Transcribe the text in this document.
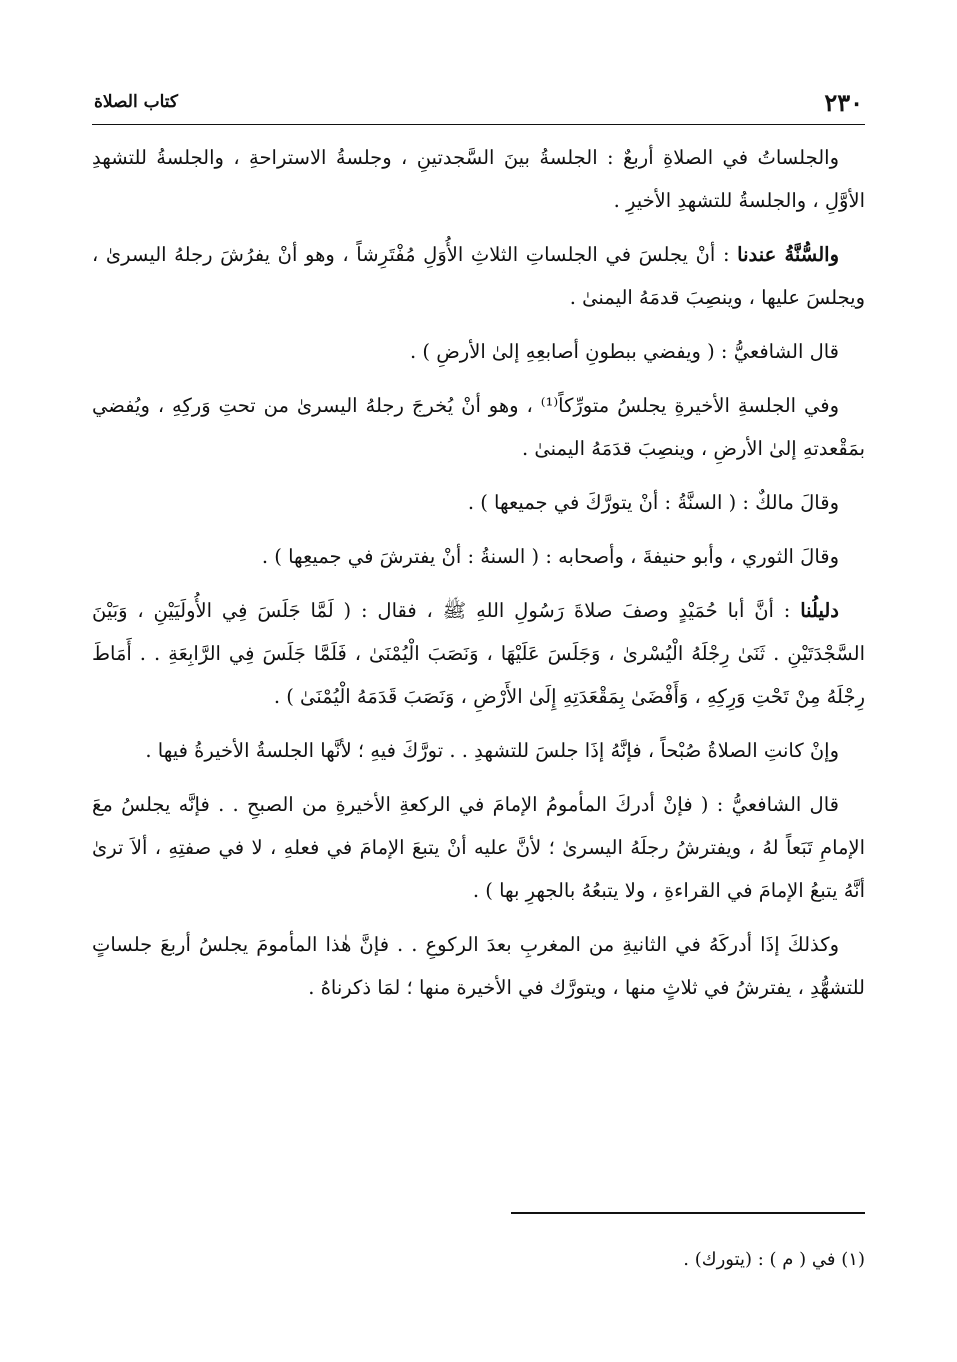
٢٣٠
كتاب الصلاة

والجلساتُ في الصلاةِ أربعٌ : الجلسةُ بينَ السَّجدتينِ ، وجلسةُ الاستراحةِ ، والجلسةُ للتشهدِ الأوَّلِ ، والجلسةُ للتشهدِ الأخيرِ .

والسُّنَّةُ عندنا : أنْ يجلسَ في الجلساتِ الثلاثِ الأُوَلِ مُفْتَرِشاً ، وهو أنْ يفرُشَ رجلهُ اليسرىٰ ، ويجلسَ عليها ، وينصِبَ قدمَهُ اليمنىٰ .

قال الشافعيُّ : ( ويفضي ببطونِ أصابعِهِ إلىٰ الأرضِ ) .

وفي الجلسةِ الأخيرةِ يجلسُ متورِّكاً⁽¹⁾ ، وهو أنْ يُخرجَ رجلهُ اليسرىٰ من تحتِ وَركِهِ ، ويُفضي بمَقْعدتهِ إلىٰ الأرضِ ، وينصِبَ قدَمَهُ اليمنىٰ .

وقالَ مالكٌ : ( السنَّةُ : أنْ يتورَّكَ في جميعها ) .

وقالَ الثوري ، وأبو حنيفةَ ، وأصحابه : ( السنةُ : أنْ يفترشَ في جميعِها ) .

دليلُنا : أنَّ أبا حُمَيْدٍ وصفَ صلاةَ رَسُولِ اللهِ ﷺ ، فقال : ( لَمَّا جَلَسَ فِي الأُولَيَيْنِ ، وَبَيْنَ السَّجْدَتَيْنِ . ثَنَىٰ رِجْلَهُ الْيُسْرىٰ ، وَجَلَسَ عَلَيْهَا ، وَنَصَبَ الْيُمْنَىٰ ، فَلَمَّا جَلَسَ فِي الرَّابِعَةِ . . أَمَاطَ رِجْلَهُ مِنْ تَحْتِ وَرِكِهِ ، وَأَفْضَىٰ بِمَقْعَدَتِهِ إِلَىٰ الأَرْضِ ، وَنَصَبَ قَدَمَهُ الْيُمْنَىٰ ) .

وإنْ كانتِ الصلاةُ صُبْحاً ، فإنَّهُ إذَا جلسَ للتشهدِ . . تورَّكَ فيهِ ؛ لأنَّها الجلسةُ الأخيرةُ فيها .

قال الشافعيُّ : ( فإنْ أدركَ المأمومُ الإمامَ في الركعةِ الأخيرةِ من الصبحِ . . فإنَّه يجلسُ معَ الإمامِ تَبَعاً لهُ ، ويفترشُ رجلَهُ اليسرىٰ ؛ لأنَّ عليه أنْ يتبعَ الإمامَ في فعلهِ ، لا في صفتِهِ ، ألاَ ترىٰ أنَّهُ يتبعُ الإمامَ في القراءةِ ، ولا يتبعُهُ بالجهرِ بها ) .

وكذلكَ إذَا أدركَهُ في الثانيةِ من المغربِ بعدَ الركوعِ . . فإنَّ هٰذا المأمومَ يجلسُ أربعَ جلساتٍ للتشهُّدِ ، يفترشُ في ثلاثٍ منها ، ويتورَّك في الأخيرة منها ؛ لمَا ذكرناهُ .

(١) في ( م ) : (يتورك) .
